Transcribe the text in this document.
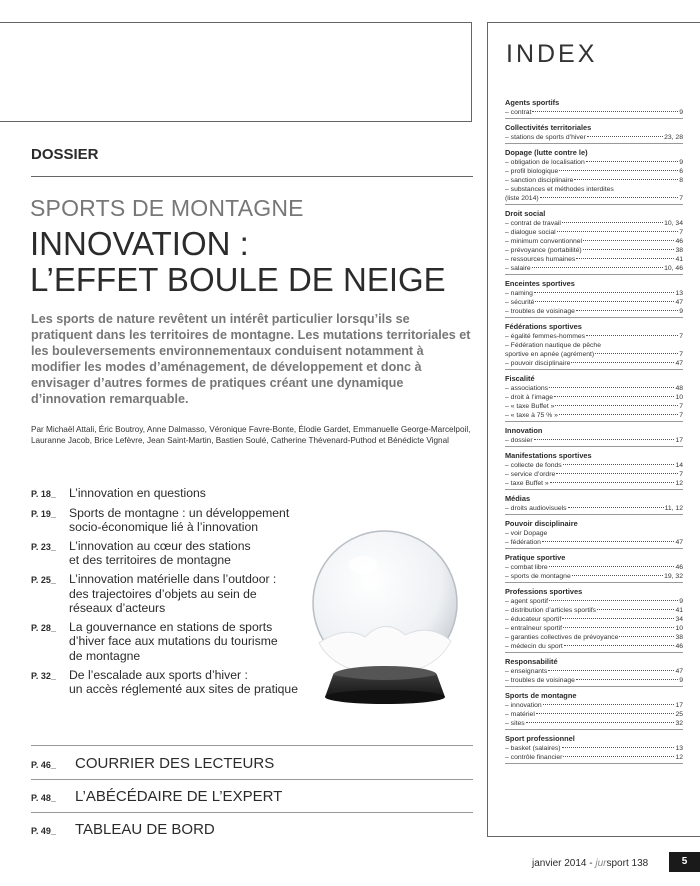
DOSSIER
SPORTS DE MONTAGNE
INNOVATION :
L’EFFET BOULE DE NEIGE
Les sports de nature revêtent un intérêt particulier lorsqu’ils se pratiquent dans les territoires de montagne. Les mutations territoriales et les bouleversements environnementaux conduisent notamment à modifier les modes d’aménagement, de développement et donc à envisager d’autres formes de pratiques créant une dynamique d’innovation remarquable.
Par Michaël Attali, Éric Boutroy, Anne Dalmasso, Véronique Favre-Bonte, Élodie Gardet, Emmanuelle George-Marcelpoil, Lauranne Jacob, Brice Lefèvre, Jean Saint-Martin, Bastien Soulé, Catherine Thévenard-Puthod et Bénédicte Vignal
P. 18_	L’innovation en questions
P. 19_	Sports de montagne : un développement
socio-économique lié à l’innovation
P. 23_	L’innovation au cœur des stations
et des territoires de montagne
P. 25_	L’innovation matérielle dans l’outdoor :
des trajectoires d’objets au sein de
réseaux d’acteurs
P. 28_	La gouvernance en stations de sports
d’hiver face aux mutations du tourisme
de montagne
P. 32_	De l’escalade aux sports d’hiver :
un accès réglementé aux sites de pratique
P. 46_	COURRIER DES LECTEURS
P. 48_	L’ABÉCÉDAIRE DE L’EXPERT
P. 49_	TABLEAU DE BORD
INDEX
Agents sportifs
– contrat	9
Collectivités territoriales
– stations de sports d’hiver	23, 28
Dopage (lutte contre le)
– obligation de localisation	9
– profil biologique	6
– sanction disciplinaire	8
– substances et méthodes interdites
(liste 2014)	7
Droit social
– contrat de travail	10, 34
– dialogue social	7
– minimum conventionnel	46
– prévoyance (portabilité)	38
– ressources humaines	41
– salaire	10, 46
Enceintes sportives
– naming	13
– sécurité	47
– troubles de voisinage	9
Fédérations sportives
– égalité femmes-hommes	7
– Fédération nautique de pêche
sportive en apnée (agrément)	7
– pouvoir disciplinaire	47
Fiscalité
– associations	48
– droit à l’image	10
– « taxe Buffet »	7
– « taxe à 75 % »	7
Innovation
– dossier	17
Manifestations sportives
– collecte de fonds	14
– service d’ordre	7
– taxe Buffet »	12
Médias
– droits audiovisuels	11, 12
Pouvoir disciplinaire
– voir Dopage
– fédération	47
Pratique sportive
– combat libre	46
– sports de montagne	19, 32
Professions sportives
– agent sportif	9
– distribution d’articles sportifs	41
– éducateur sportif	34
– entraîneur sportif	10
– garanties collectives de prévoyance	38
– médecin du sport	46
Responsabilité
– enseignants	47
– troubles de voisinage	9
Sports de montagne
– innovation	17
– matériel	25
– sites	32
Sport professionnel
– basket (salaires)	13
– contrôle financier	12
janvier 2014 - jursport 138	5
